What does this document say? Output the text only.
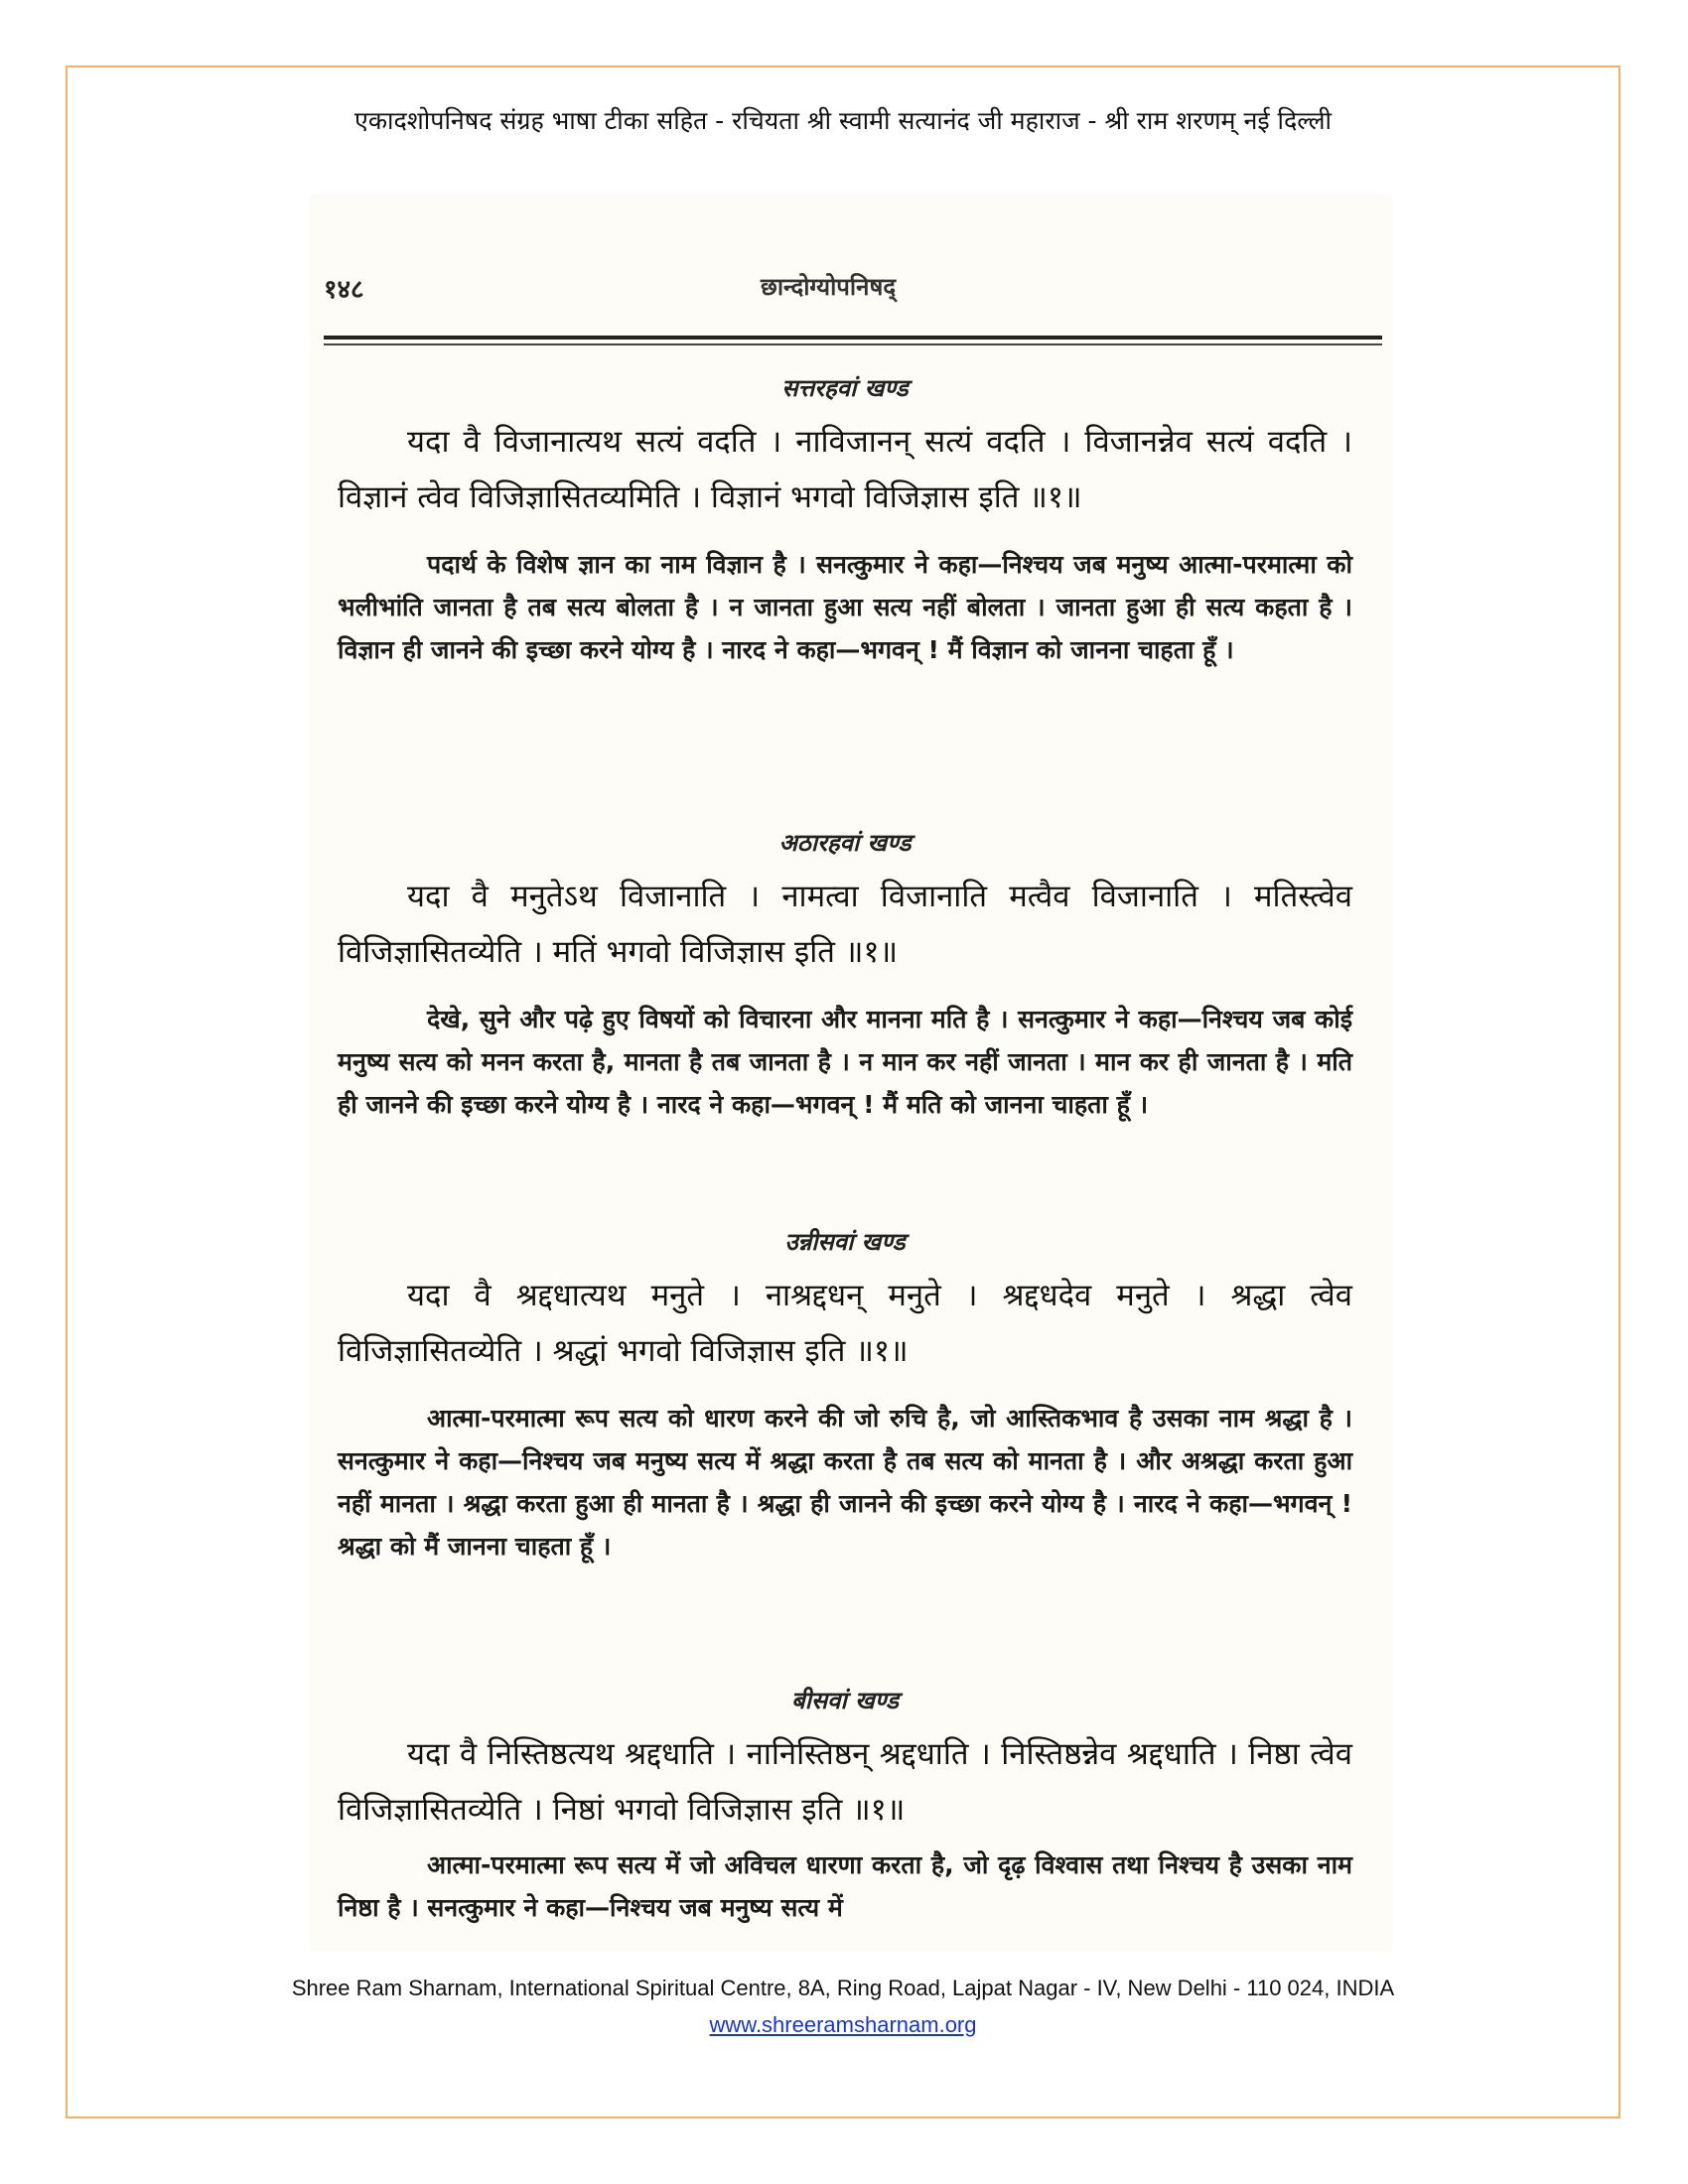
एकादशोपनिषद संग्रह भाषा टीका सहित - रचियता श्री स्वामी सत्यानंद जी महाराज - श्री राम शरणम् नई दिल्ली
१४८	छान्दोग्योपनिषद्
सत्तरहवां खण्ड

यदा वै विजानात्यथ सत्यं वदति । नाविजानन् सत्यं वदति । विजानन्नेव सत्यं वदति । विज्ञानं त्वेव विजिज्ञासितव्यमिति । विज्ञानं भगवो विजिज्ञास इति ॥१॥

पदार्थ के विशेष ज्ञान का नाम विज्ञान है । सनत्कुमार ने कहा—निश्चय जब मनुष्य आत्मा-परमात्मा को भलीभांति जानता है तब सत्य बोलता है । न जानता हुआ सत्य नहीं बोलता । जानता हुआ ही सत्य कहता है । विज्ञान ही जानने की इच्छा करने योग्य है । नारद ने कहा—भगवन् ! मैं विज्ञान को जानना चाहता हूँ ।

अठारहवां खण्ड

यदा वै मनुतेऽथ विजानाति । नामत्वा विजानाति मत्वैव विजानाति । मतिस्त्वेव विजिज्ञासितव्येति । मतिं भगवो विजिज्ञास इति ॥१॥

देखे, सुने और पढ़े हुए विषयों को विचारना और मानना मति है । सनत्कुमार ने कहा—निश्चय जब कोई मनुष्य सत्य को मनन करता है, मानता है तब जानता है । न मान कर नहीं जानता । मान कर ही जानता है । मति ही जानने की इच्छा करने योग्य है । नारद ने कहा—भगवन् ! मैं मति को जानना चाहता हूँ ।

उन्नीसवां खण्ड

यदा वै श्रद्दधात्यथ मनुते । नाश्रद्दधन् मनुते । श्रद्दधदेव मनुते । श्रद्धा त्वेव विजिज्ञासितव्येति । श्रद्धां भगवो विजिज्ञास इति ॥१॥

आत्मा-परमात्मा रूप सत्य को धारण करने की जो रुचि है, जो आस्तिकभाव है उसका नाम श्रद्धा है । सनत्कुमार ने कहा—निश्चय जब मनुष्य सत्य में श्रद्धा करता है तब सत्य को मानता है । और अश्रद्धा करता हुआ नहीं मानता । श्रद्धा करता हुआ ही मानता है । श्रद्धा ही जानने की इच्छा करने योग्य है । नारद ने कहा—भगवन् ! श्रद्धा को मैं जानना चाहता हूँ ।

बीसवां खण्ड

यदा वै निस्तिष्ठत्यथ श्रद्दधाति । नानिस्तिष्ठन् श्रद्दधाति । निस्तिष्ठन्नेव श्रद्दधाति । निष्ठा त्वेव विजिज्ञासितव्येति । निष्ठां भगवो विजिज्ञास इति ॥१॥

आत्मा-परमात्मा रूप सत्य में जो अविचल धारणा करता है, जो दृढ़ विश्वास तथा निश्चय है उसका नाम निष्ठा है । सनत्कुमार ने कहा—निश्चय जब मनुष्य सत्य में

Shree Ram Sharnam, International Spiritual Centre, 8A, Ring Road, Lajpat Nagar - IV, New Delhi - 110 024, INDIA
www.shreeramsharnam.org
